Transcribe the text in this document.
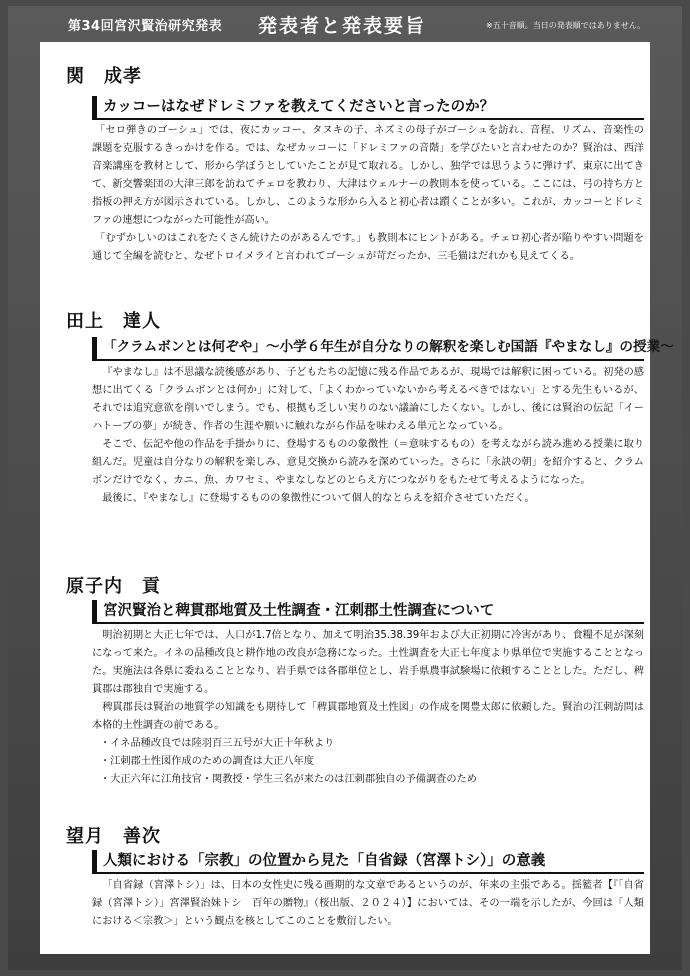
第34回宮沢賢治研究発表 発表者と発表要旨	※五十音順。当日の発表順ではありません。
関　成孝
カッコーはなぜドレミファを教えてくださいと言ったのか？

「セロ弾きのゴーシュ」では、夜にカッコー、タヌキの子、ネズミの母子がゴーシュを訪れ、音程、リズム、音楽性の課題を克服するきっかけを作る。では、なぜカッコーに「ドレミファの音階」を学びたいと言わせたのか？賢治は、西洋音楽講座を教材として、形から学ぼうとしていたことが見て取れる。しかし、独学では思うように弾けず、東京に出てきて、新交響楽団の大津三郎を訪ねてチェロを教わり、大津はウェルナーの教則本を使っている。ここには、弓の持ち方と指板の押え方が図示されている。しかし、このような形から入ると初心者は躓くことが多い。これが、カッコーとドレミファの連想につながった可能性が高い。

「むずかしいのはこれをたくさん続けたのがあるんです。」も教則本にヒントがある。チェロ初心者が陥りやすい問題を通じて全編を読むと、なぜトロイメライと言われてゴーシュが苛だったか、三毛猫はだれかも見えてくる。

田上　達人
「クラムボンとは何ぞや」～小学６年生が自分なりの解釈を楽しむ国語『やまなし』の授業～

『やまなし』は不思議な読後感があり、子どもたちの記憶に残る作品であるが、現場では解釈に困っている。初発の感想に出てくる「クラムボンとは何か」に対して、「よくわかっていないから考えるべきではない」とする先生もいるが、それでは追究意欲を削いでしまう。でも、根拠も乏しい実りのない議論にしたくない。しかし、後には賢治の伝記「イーハトーブの夢」が続き、作者の生涯や願いに触れながら作品を味わえる単元となっている。

そこで、伝記や他の作品を手掛かりに、登場するものの象徴性（＝意味するもの）を考えながら読み進める授業に取り組んだ。児童は自分なりの解釈を楽しみ、意見交換から読みを深めていった。さらに「永訣の朝」を紹介すると、クラムボンだけでなく、カニ、魚、カワセミ、やまなしなどのとらえ方につながりをもたせて考えるようになった。

最後に、『やまなし』に登場するものの象徴性について個人的なとらえを紹介させていただく。

原子内　貢
宮沢賢治と稗貫郡地質及土性調査・江刺郡土性調査について

明治初期と大正七年では、人口が1.7倍となり、加えて明治35.38.39年および大正初期に冷害があり、食糧不足が深刻になって来た。イネの品種改良と耕作地の改良が急務になった。土性調査を大正七年度より県単位で実施することとなった。実施法は各県に委ねることとなり、岩手県では各郡単位とし、岩手県農事試験場に依頼することとした。ただし、稗貫郡は郡独自で実施する。

稗貫郡長は賢治の地質学の知識をも期待して「稗貫郡地質及土性図」の作成を関豊太郎に依頼した。賢治の江刺訪問は本格的土性調査の前である。

・イネ品種改良では陸羽百三五号が大正十年秋より
・江刺郡土性図作成のための調査は大正八年度
・大正六年に江角技官・関教授・学生三名が来たのは江刺郡独自の予備調査のため
望月　善次
人類における「宗教」の位置から見た「自省録（宮澤トシ）」の意義

「自省録（宮澤トシ）」は、日本の女性史に残る画期的な文章であるというのが、年来の主張である。揺籃者【『「自省録（宮澤トシ）」宮澤賢治妹トシ　百年の贈物』（桜出版、２０２４）】においては、その一端を示したが、今回は「人類における＜宗教＞」という観点を核としてこのことを敷衍したい。
